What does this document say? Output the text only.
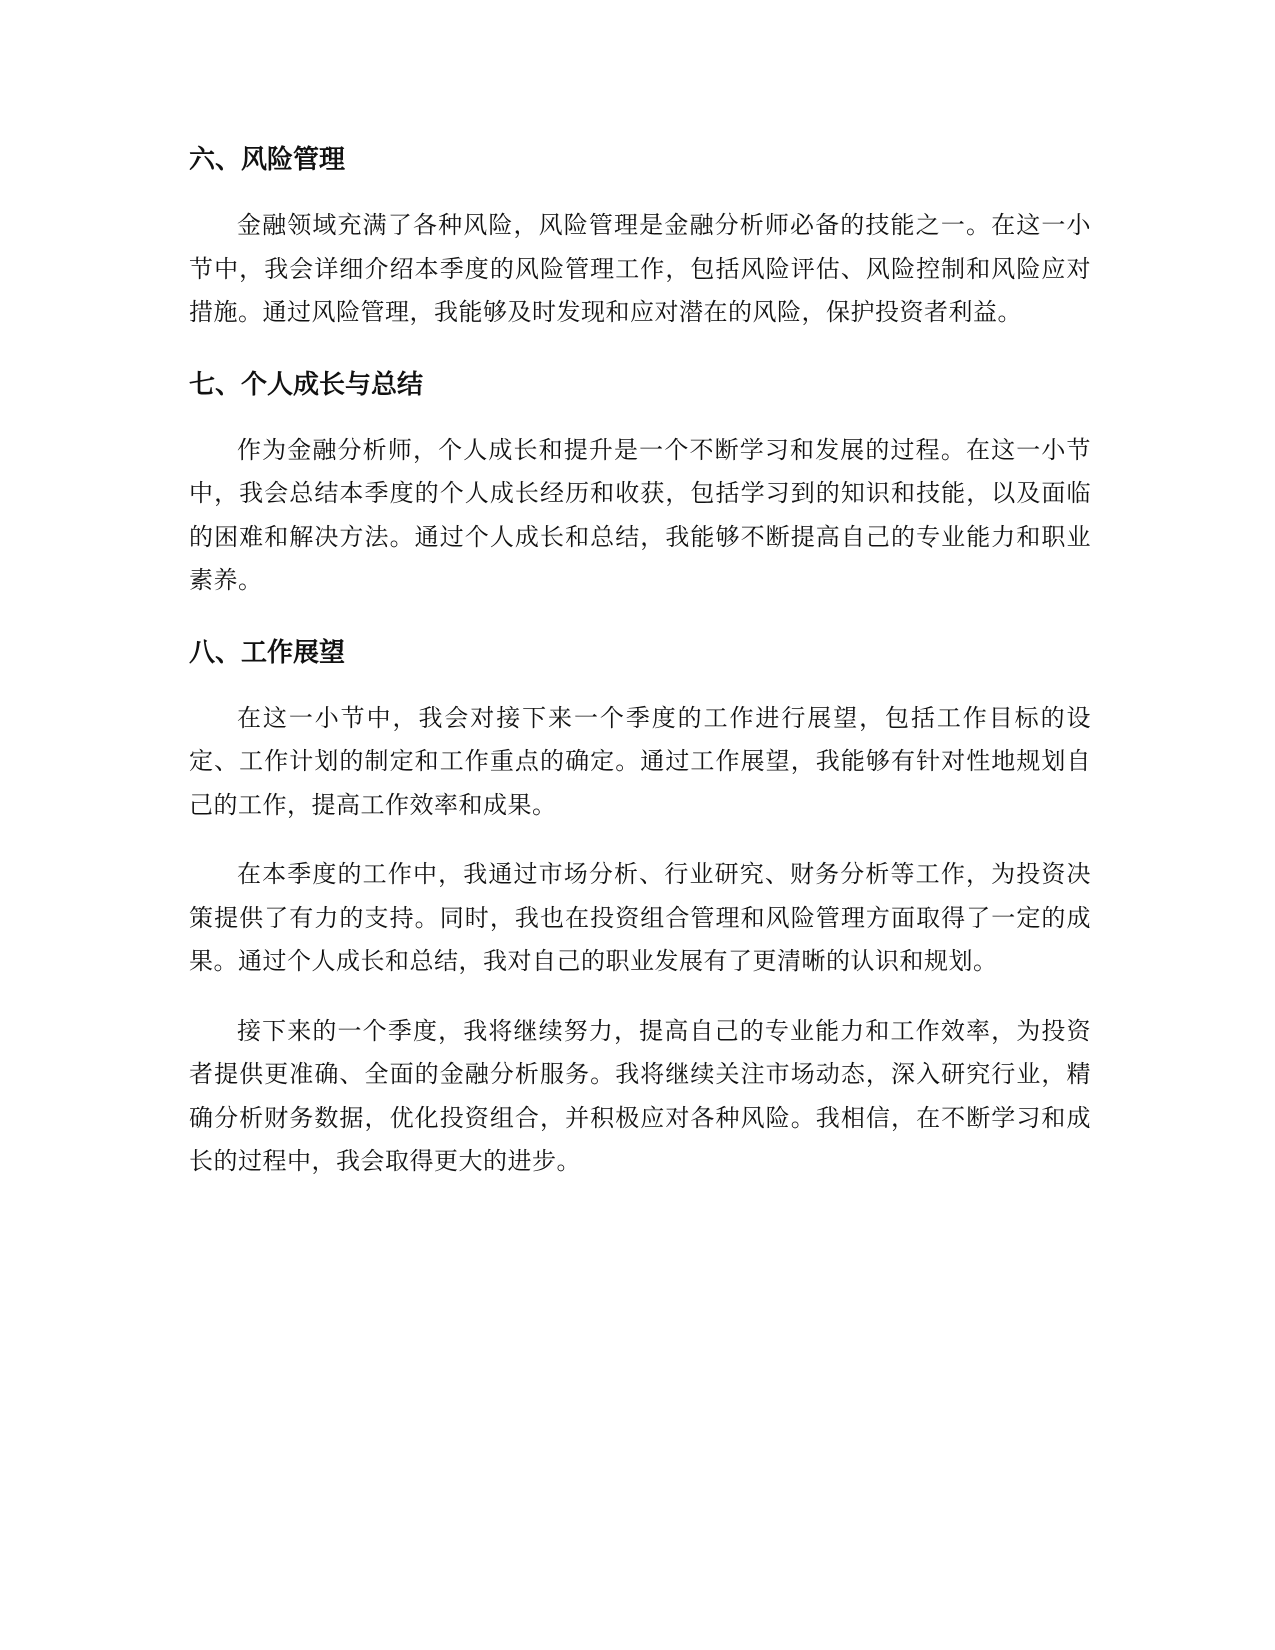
六、风险管理

金融领域充满了各种风险，风险管理是金融分析师必备的技能之一。在这一小节中，我会详细介绍本季度的风险管理工作，包括风险评估、风险控制和风险应对措施。通过风险管理，我能够及时发现和应对潜在的风险，保护投资者利益。

七、个人成长与总结

作为金融分析师，个人成长和提升是一个不断学习和发展的过程。在这一小节中，我会总结本季度的个人成长经历和收获，包括学习到的知识和技能，以及面临的困难和解决方法。通过个人成长和总结，我能够不断提高自己的专业能力和职业素养。

八、工作展望

在这一小节中，我会对接下来一个季度的工作进行展望，包括工作目标的设定、工作计划的制定和工作重点的确定。通过工作展望，我能够有针对性地规划自己的工作，提高工作效率和成果。

在本季度的工作中，我通过市场分析、行业研究、财务分析等工作，为投资决策提供了有力的支持。同时，我也在投资组合管理和风险管理方面取得了一定的成果。通过个人成长和总结，我对自己的职业发展有了更清晰的认识和规划。

接下来的一个季度，我将继续努力，提高自己的专业能力和工作效率，为投资者提供更准确、全面的金融分析服务。我将继续关注市场动态，深入研究行业，精确分析财务数据，优化投资组合，并积极应对各种风险。我相信，在不断学习和成长的过程中，我会取得更大的进步。
